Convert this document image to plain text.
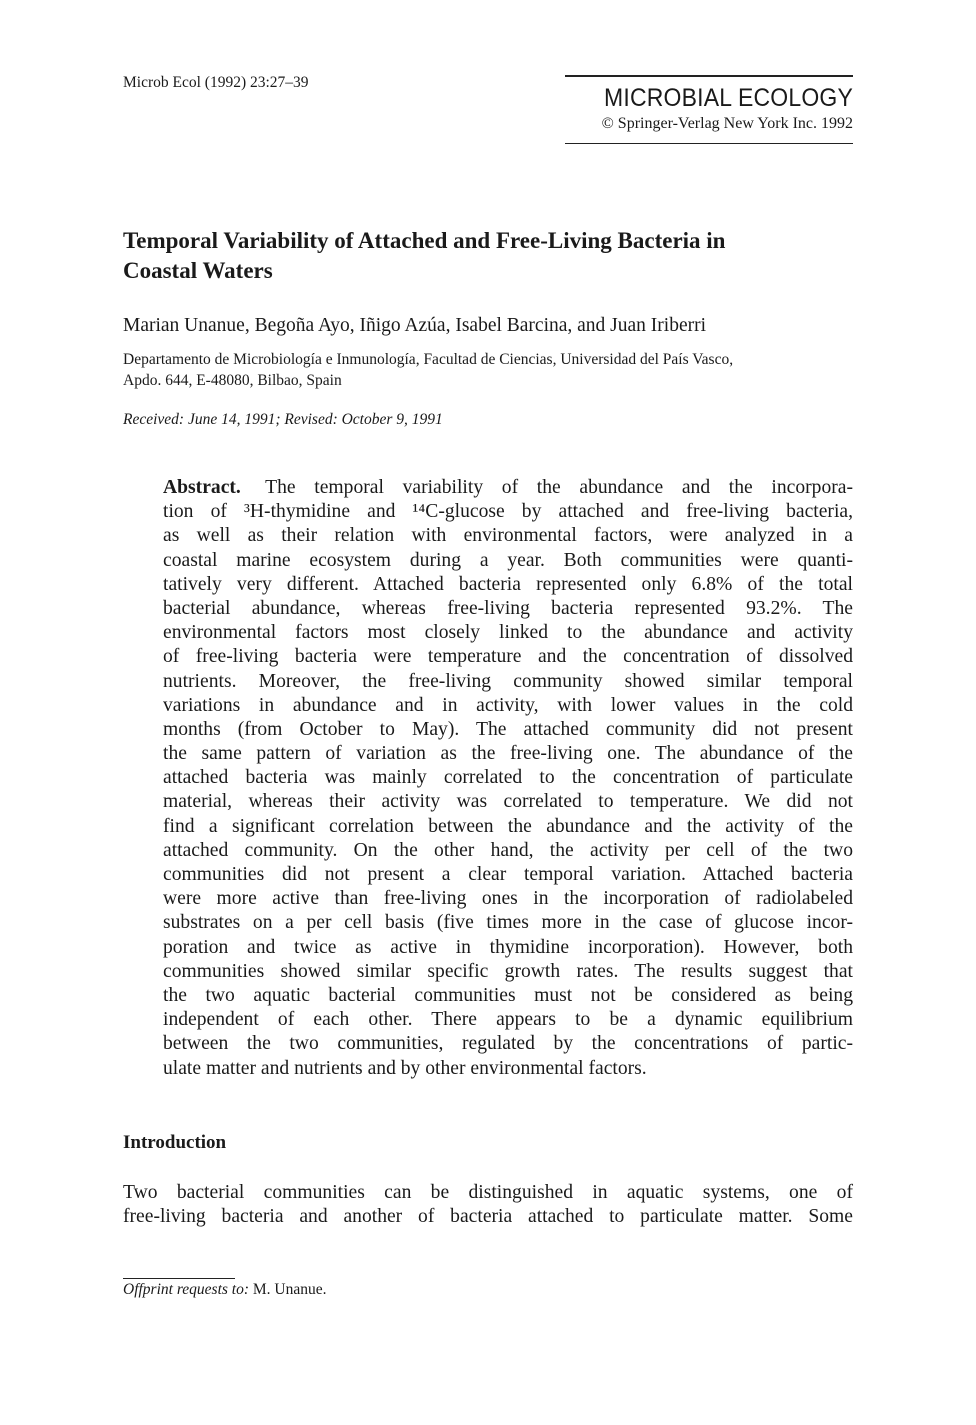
Microb Ecol (1992) 23:27–39
MICROBIAL ECOLOGY
© Springer-Verlag New York Inc. 1992
Temporal Variability of Attached and Free-Living Bacteria in
Coastal Waters
Marian Unanue, Begoña Ayo, Iñigo Azúa, Isabel Barcina, and Juan Iriberri
Departamento de Microbiología e Inmunología, Facultad de Ciencias, Universidad del País Vasco,
Apdo. 644, E-48080, Bilbao, Spain
Received: June 14, 1991; Revised: October 9, 1991
Abstract. The temporal variability of the abundance and the incorpora-
tion of ³H-thymidine and ¹⁴C-glucose by attached and free-living bacteria,
as well as their relation with environmental factors, were analyzed in a
coastal marine ecosystem during a year. Both communities were quanti-
tatively very different. Attached bacteria represented only 6.8% of the total
bacterial abundance, whereas free-living bacteria represented 93.2%. The
environmental factors most closely linked to the abundance and activity
of free-living bacteria were temperature and the concentration of dissolved
nutrients. Moreover, the free-living community showed similar temporal
variations in abundance and in activity, with lower values in the cold
months (from October to May). The attached community did not present
the same pattern of variation as the free-living one. The abundance of the
attached bacteria was mainly correlated to the concentration of particulate
material, whereas their activity was correlated to temperature. We did not
find a significant correlation between the abundance and the activity of the
attached community. On the other hand, the activity per cell of the two
communities did not present a clear temporal variation. Attached bacteria
were more active than free-living ones in the incorporation of radiolabeled
substrates on a per cell basis (five times more in the case of glucose incor-
poration and twice as active in thymidine incorporation). However, both
communities showed similar specific growth rates. The results suggest that
the two aquatic bacterial communities must not be considered as being
independent of each other. There appears to be a dynamic equilibrium
between the two communities, regulated by the concentrations of partic-
ulate matter and nutrients and by other environmental factors.
Introduction
Two bacterial communities can be distinguished in aquatic systems, one of
free-living bacteria and another of bacteria attached to particulate matter. Some
Offprint requests to: M. Unanue.
